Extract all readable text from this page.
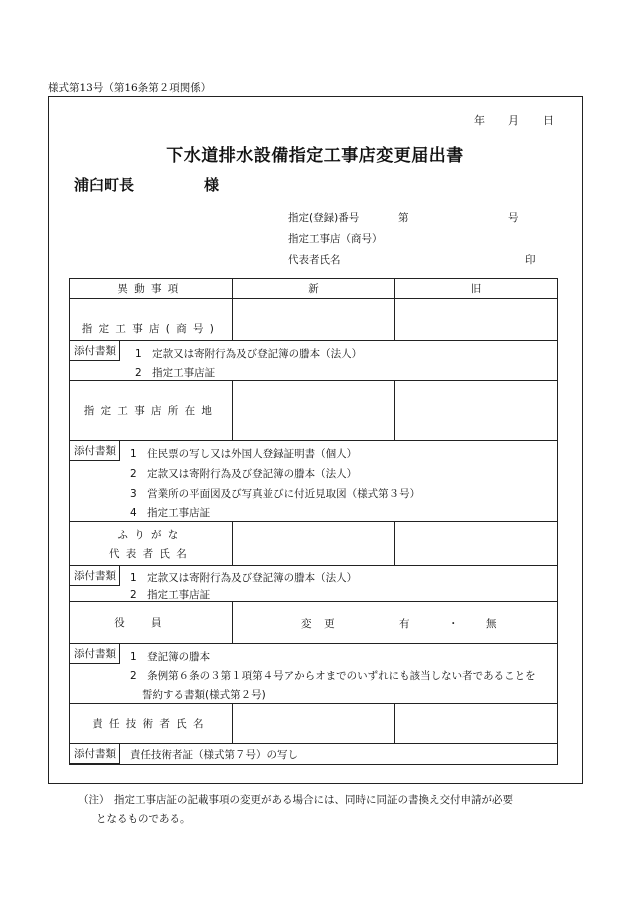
様式第13号（第16条第２項関係）
年 月 日
下水道排水設備指定工事店変更届出書
浦臼町長	様
指定(登録)番号	第	号
指定工事店（商号）
代表者氏名	印
異動事項	新	旧
指定工事店(商号)		

添付書類 1　定款又は寄附行為及び登記簿の謄本（法人）
2　指定工事店証		

指定工事店所在地		

添付書類 1　住民票の写し又は外国人登録証明書（個人）
2　定款又は寄附行為及び登記簿の謄本（法人）
3　営業所の平面図及び写真並びに付近見取図（様式第３号）
4　指定工事店証		

ふりがな
代表者氏名		

添付書類 1　定款又は寄附行為及び登記簿の謄本（法人）
2　指定工事店証		

役員	変更 有 ・ 無	

添付書類 1　登記簿の謄本
2　条例第６条の３第１項第４号アからオまでのいずれにも該当しない者であることを
誓約する書類(様式第２号)		

責任技術者氏名		

添付書類 責任技術者証（様式第７号）の写し		
（注） 指定工事店証の記載事項の変更がある場合には、同時に同証の書換え交付申請が必要
となるものである。
